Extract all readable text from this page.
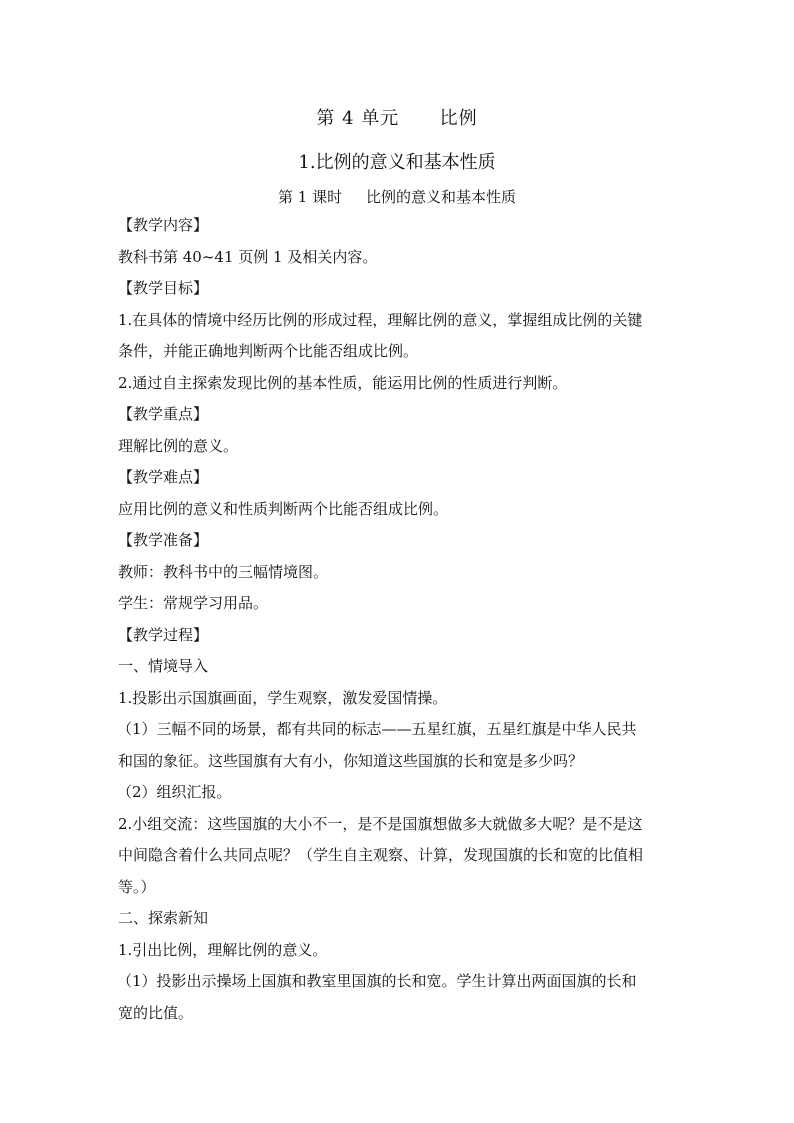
第 4 单元      比例
1.比例的意义和基本性质
第 1 课时     比例的意义和基本性质

【教学内容】

教科书第 40~41 页例 1 及相关内容。

【教学目标】

1.在具体的情境中经历比例的形成过程，理解比例的意义，掌握组成比例的关键

条件，并能正确地判断两个比能否组成比例。

2.通过自主探索发现比例的基本性质，能运用比例的性质进行判断。

【教学重点】

理解比例的意义。

【教学难点】

应用比例的意义和性质判断两个比能否组成比例。

【教学准备】

教师：教科书中的三幅情境图。

学生：常规学习用品。

【教学过程】

一、情境导入

1.投影出示国旗画面，学生观察，激发爱国情操。

（1）三幅不同的场景，都有共同的标志——五星红旗，五星红旗是中华人民共

和国的象征。这些国旗有大有小，你知道这些国旗的长和宽是多少吗？

（2）组织汇报。

2.小组交流：这些国旗的大小不一，是不是国旗想做多大就做多大呢？是不是这

中间隐含着什么共同点呢？（学生自主观察、计算，发现国旗的长和宽的比值相

等。）

二、探索新知

1.引出比例，理解比例的意义。

（1）投影出示操场上国旗和教室里国旗的长和宽。学生计算出两面国旗的长和

宽的比值。
